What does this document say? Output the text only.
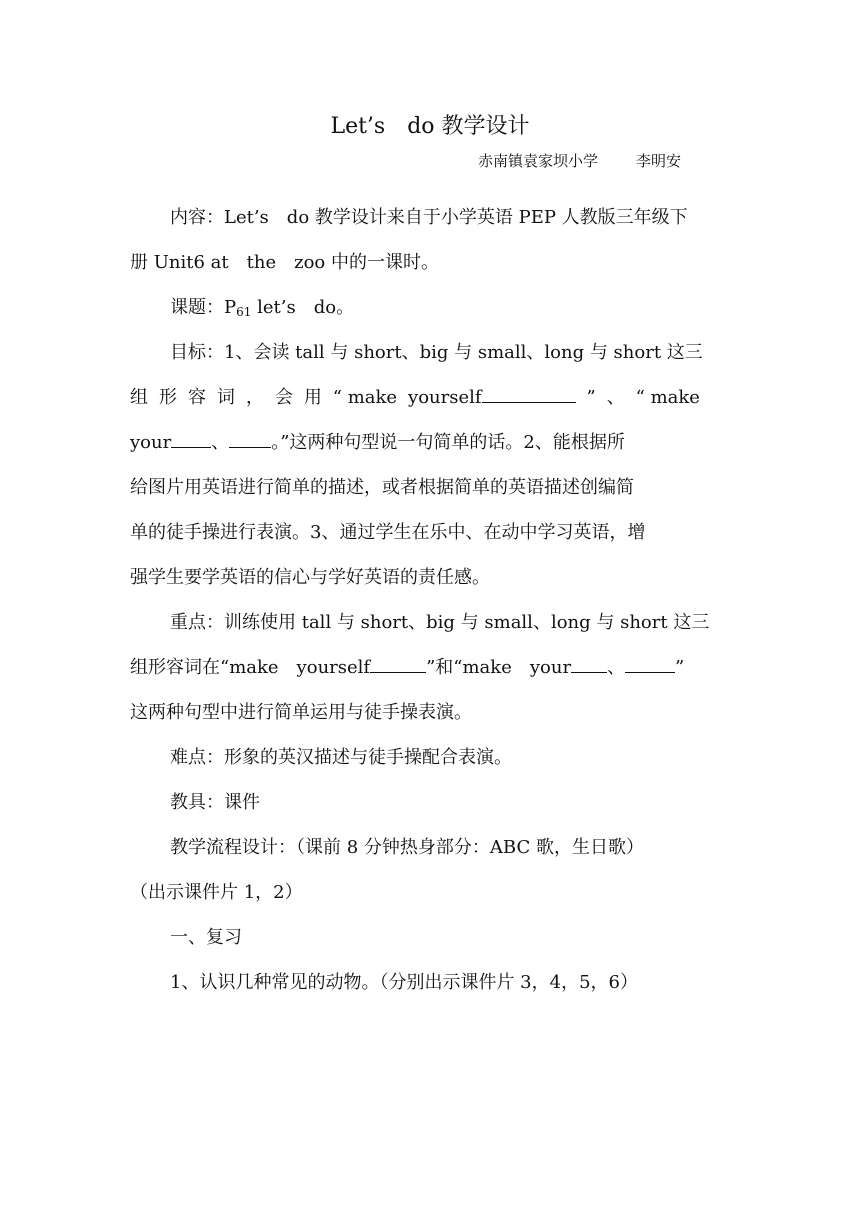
Let’s　do 教学设计
赤南镇袁家坝小学	李明安
内容：Let’s　do 教学设计来自于小学英语 PEP 人教版三年级下
册 Unit6 at　the　zoo 中的一课时。
课题：$P_{61}$ let’s　do。
目标：1、会读 tall 与 short、big 与 small、long 与 short 这三
组 形 容 词 ， 会 用 “ make yourself	” 、 “ make
your 、 。”这两种句型说一句简单的话。2、能根据所
给图片用英语进行简单的描述，或者根据简单的英语描述创编简
单的徒手操进行表演。3、通过学生在乐中、在动中学习英语，增
强学生要学英语的信心与学好英语的责任感。
重点：训练使用 tall 与 short、big 与 small、long 与 short 这三
组形容词在“make　yourself	”和“make　your 、	”
这两种句型中进行简单运用与徒手操表演。
难点：形象的英汉描述与徒手操配合表演。
教具：课件
教学流程设计：（课前 8 分钟热身部分：ABC 歌，生日歌）
（出示课件片 1，2）
一、复习
1、认识几种常见的动物。（分别出示课件片 3，4，5，6）
